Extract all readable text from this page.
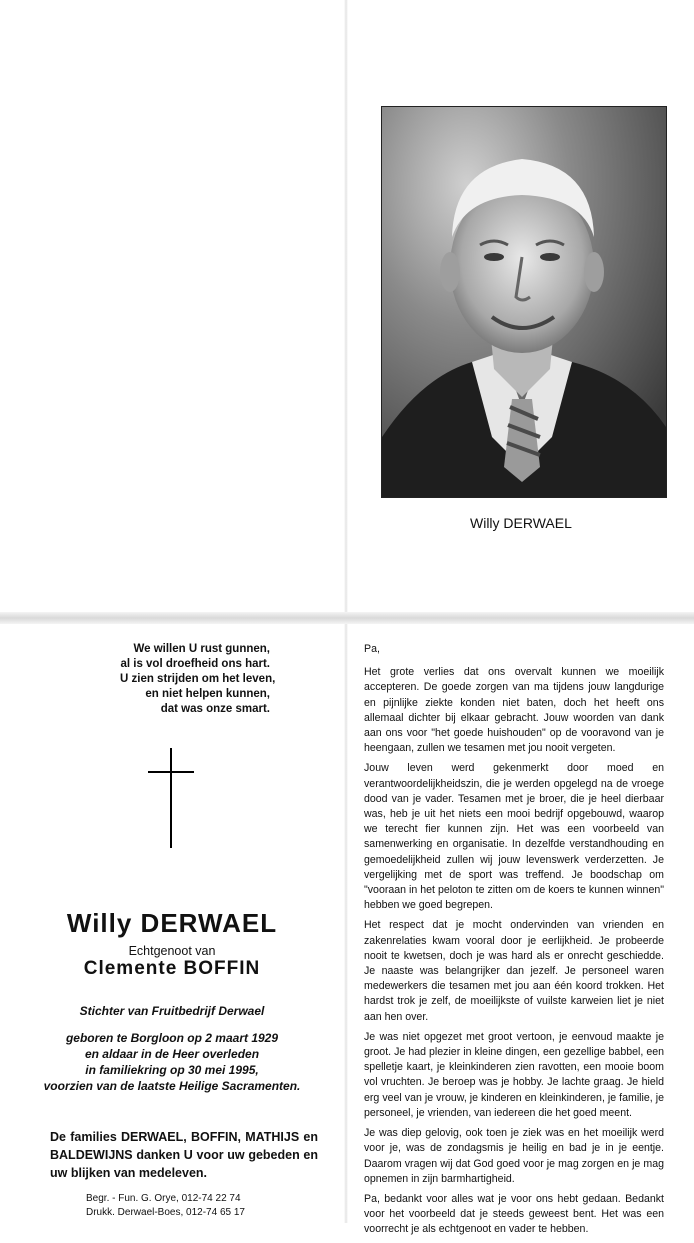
Willy DERWAEL
We willen U rust gunnen,
al is vol droefheid ons hart.
U zien strijden om het leven,
en niet helpen kunnen,
dat was onze smart.
Willy DERWAEL
Echtgenoot van
Clemente BOFFIN
Stichter van Fruitbedrijf Derwael
geboren te Borgloon op 2 maart 1929
en aldaar in de Heer overleden
in familiekring op 30 mei 1995,
voorzien van de laatste Heilige Sacramenten.
De families DERWAEL, BOFFIN, MATHIJS en BALDEWIJNS danken U voor uw gebeden en uw blijken van medeleven.
Begr. - Fun. G. Orye, 012-74 22 74
Drukk. Derwael-Boes, 012-74 65 17
Pa,

Het grote verlies dat ons overvalt kunnen we moeilijk accepteren. De goede zorgen van ma tijdens jouw langdurige en pijnlijke ziekte konden niet baten, doch het heeft ons allemaal dichter bij elkaar gebracht. Jouw woorden van dank aan ons voor "het goede huishouden" op de vooravond van je heengaan, zullen we tesamen met jou nooit vergeten.

Jouw leven werd gekenmerkt door moed en verantwoordelijkheidszin, die je werden opgelegd na de vroege dood van je vader. Tesamen met je broer, die je heel dierbaar was, heb je uit het niets een mooi bedrijf opgebouwd, waarop we terecht fier kunnen zijn. Het was een voorbeeld van samenwerking en organisatie. In dezelfde verstandhouding en gemoedelijkheid zullen wij jouw levenswerk verderzetten. Je vergelijking met de sport was treffend. Je boodschap om "vooraan in het peloton te zitten om de koers te kunnen winnen" hebben we goed begrepen.

Het respect dat je mocht ondervinden van vrienden en zakenrelaties kwam vooral door je eerlijkheid. Je probeerde nooit te kwetsen, doch je was hard als er onrecht geschiedde. Je naaste was belangrijker dan jezelf. Je personeel waren medewerkers die tesamen met jou aan één koord trokken. Het hardst trok je zelf, de moeilijkste of vuilste karweien liet je niet aan hen over.

Je was niet opgezet met groot vertoon, je eenvoud maakte je groot. Je had plezier in kleine dingen, een gezellige babbel, een spelletje kaart, je kleinkinderen zien ravotten, een mooie boom vol vruchten. Je beroep was je hobby. Je lachte graag. Je hield erg veel van je vrouw, je kinderen en kleinkinderen, je familie, je personeel, je vrienden, van iedereen die het goed meent.

Je was diep gelovig, ook toen je ziek was en het moeilijk werd voor je, was de zondagsmis je heilig en bad je in je eentje. Daarom vragen wij dat God goed voor je mag zorgen en je mag opnemen in zijn barmhartigheid.

Pa, bedankt voor alles wat je voor ons hebt gedaan. Bedankt voor het voorbeeld dat je steeds geweest bent. Het was een voorrecht je als echtgenoot en vader te hebben.
